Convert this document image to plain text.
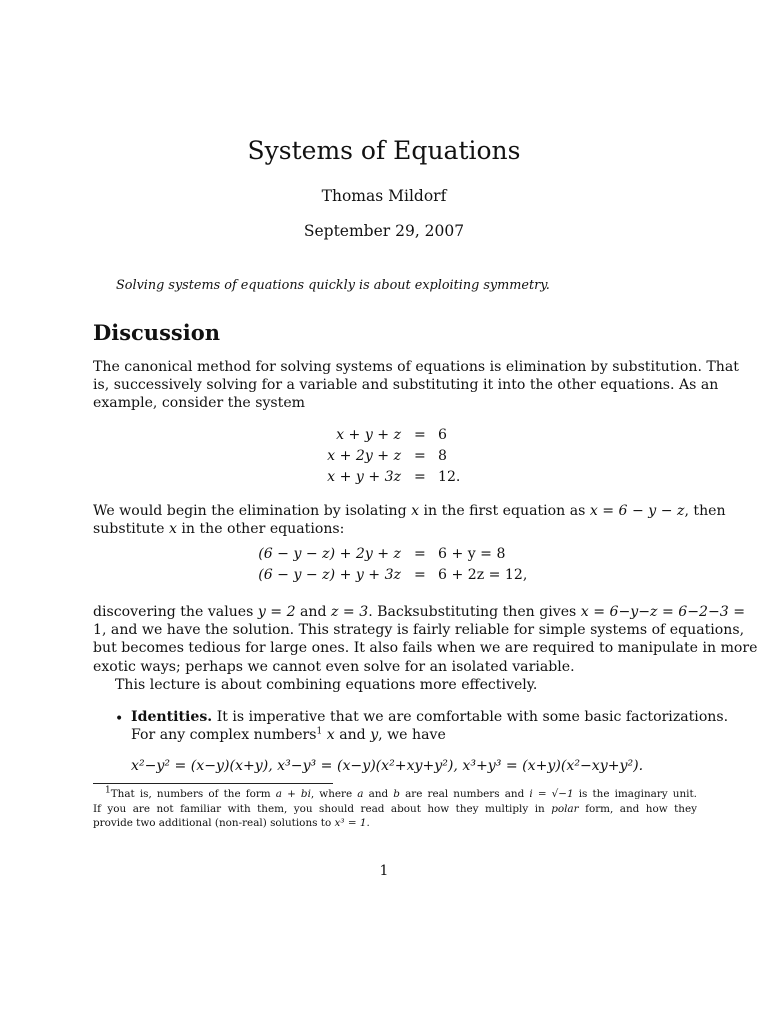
Systems of Equations
Thomas Mildorf
September 29, 2007
Solving systems of equations quickly is about exploiting symmetry.
Discussion
The canonical method for solving systems of equations is elimination by substitution. That
is, successively solving for a variable and substituting it into the other equations. As an
example, consider the system
x + y + z
x + 2y + z
x + y + 3z
=
=
=
6
8
12.
We would begin the elimination by isolating x in the first equation as x = 6 − y − z, then
substitute x in the other equations:
(6 − y − z) + 2y + z
(6 − y − z) + y + 3z
=
=
6 + y = 8
6 + 2z = 12,
discovering the values y = 2 and z = 3. Backsubstituting then gives x = 6−y−z = 6−2−3 =
1, and we have the solution. This strategy is fairly reliable for simple systems of equations,
but becomes tedious for large ones. It also fails when we are required to manipulate in more
exotic ways; perhaps we cannot even solve for an isolated variable.
This lecture is about combining equations more effectively.
• Identities. It is imperative that we are comfortable with some basic factorizations.
For any complex numbers$^1$ x and y, we have
x²−y² = (x−y)(x+y), x³−y³ = (x−y)(x²+xy+y²), x³+y³ = (x+y)(x²−xy+y²).
$^1$That is, numbers of the form a + bi, where a and b are real numbers and i = √−1 is the imaginary unit.
If you are not familiar with them, you should read about how they multiply in polar form, and how they
provide two additional (non-real) solutions to x³ = 1.
1
